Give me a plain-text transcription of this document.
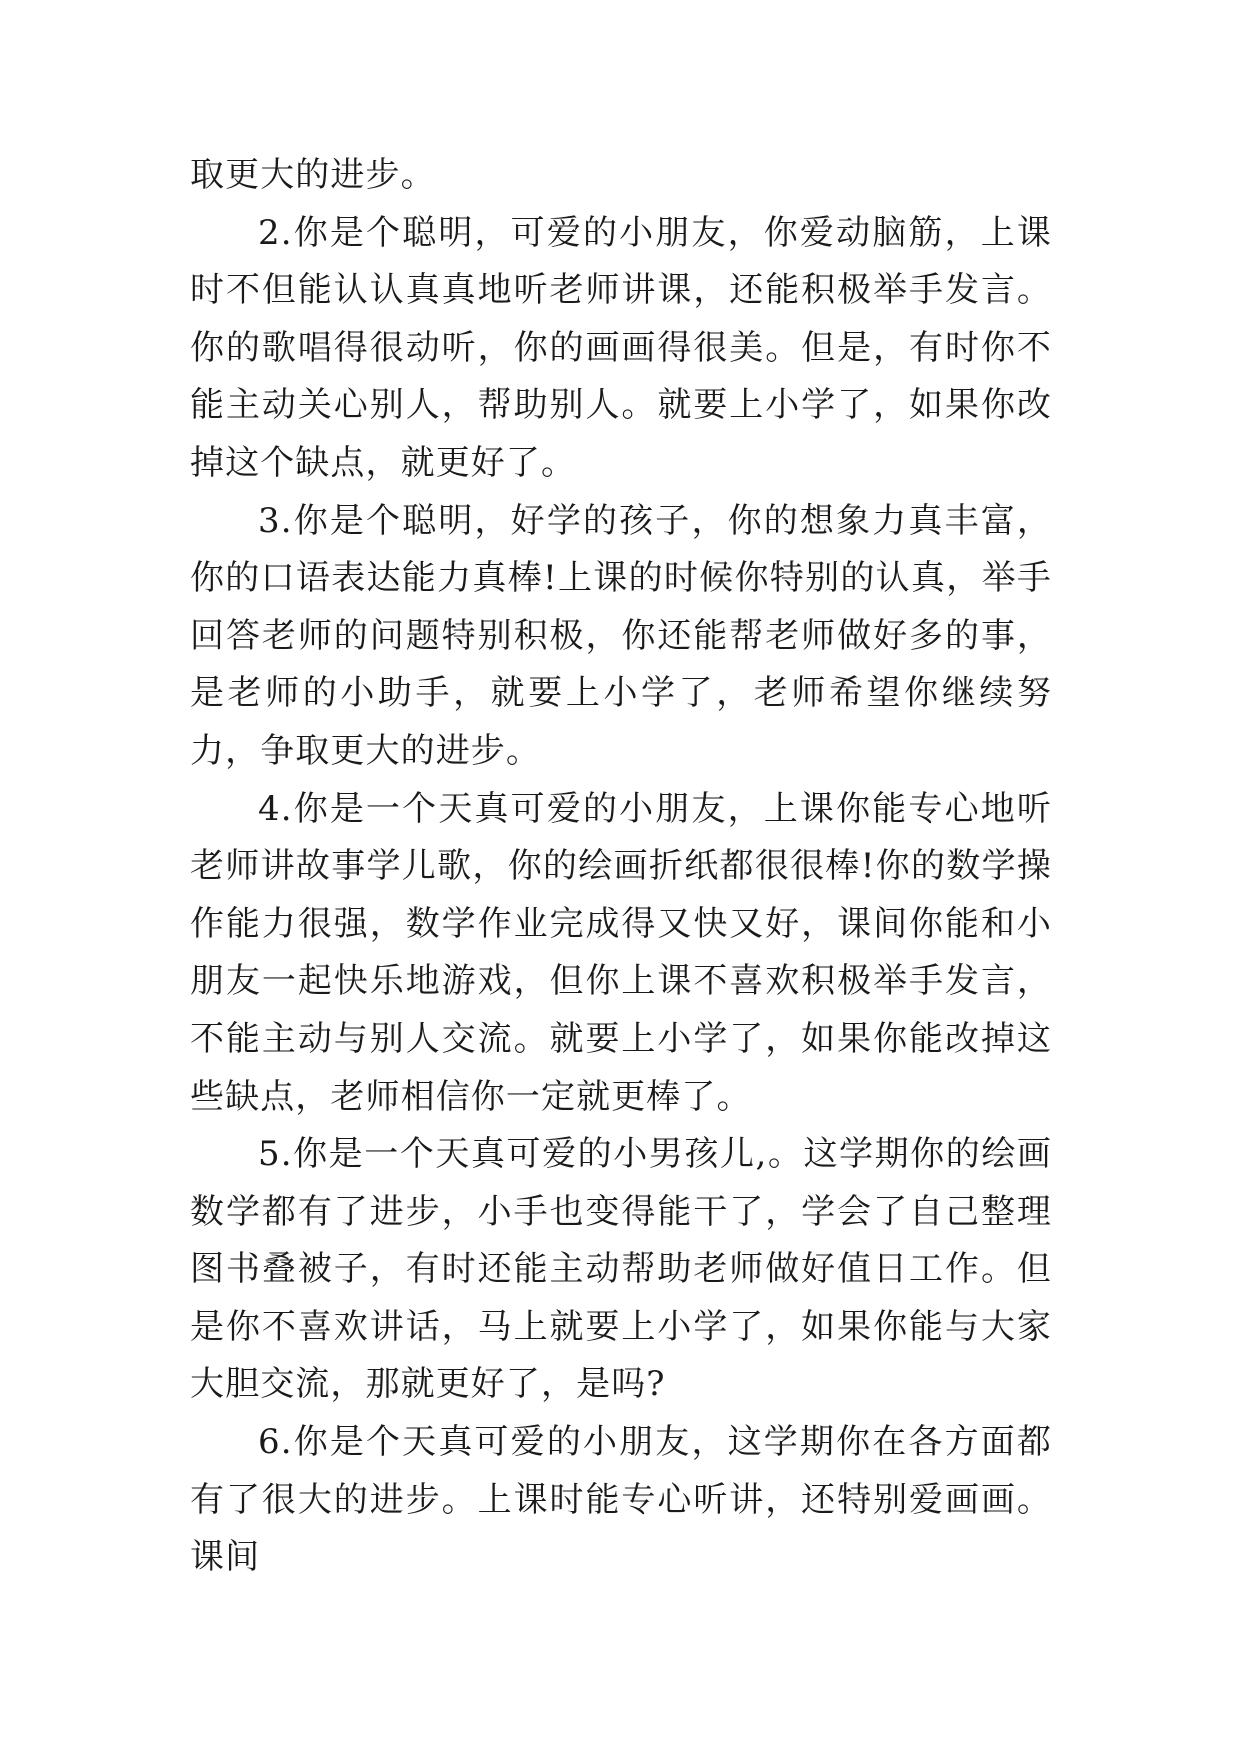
取更大的进步。

2.你是个聪明，可爱的小朋友，你爱动脑筋，上课时不但能认认真真地听老师讲课，还能积极举手发言。你的歌唱得很动听，你的画画得很美。但是，有时你不能主动关心别人，帮助别人。就要上小学了，如果你改掉这个缺点，就更好了。

3.你是个聪明，好学的孩子，你的想象力真丰富，你的口语表达能力真棒!上课的时候你特别的认真，举手回答老师的问题特别积极，你还能帮老师做好多的事，是老师的小助手，就要上小学了，老师希望你继续努力，争取更大的进步。

4.你是一个天真可爱的小朋友，上课你能专心地听老师讲故事学儿歌，你的绘画折纸都很很棒!你的数学操作能力很强，数学作业完成得又快又好，课间你能和小朋友一起快乐地游戏，但你上课不喜欢积极举手发言，不能主动与别人交流。就要上小学了，如果你能改掉这些缺点，老师相信你一定就更棒了。

5.你是一个天真可爱的小男孩儿,。这学期你的绘画数学都有了进步，小手也变得能干了，学会了自己整理图书叠被子，有时还能主动帮助老师做好值日工作。但是你不喜欢讲话，马上就要上小学了，如果你能与大家大胆交流，那就更好了，是吗?

6.你是个天真可爱的小朋友，这学期你在各方面都有了很大的进步。上课时能专心听讲，还特别爱画画。课间
